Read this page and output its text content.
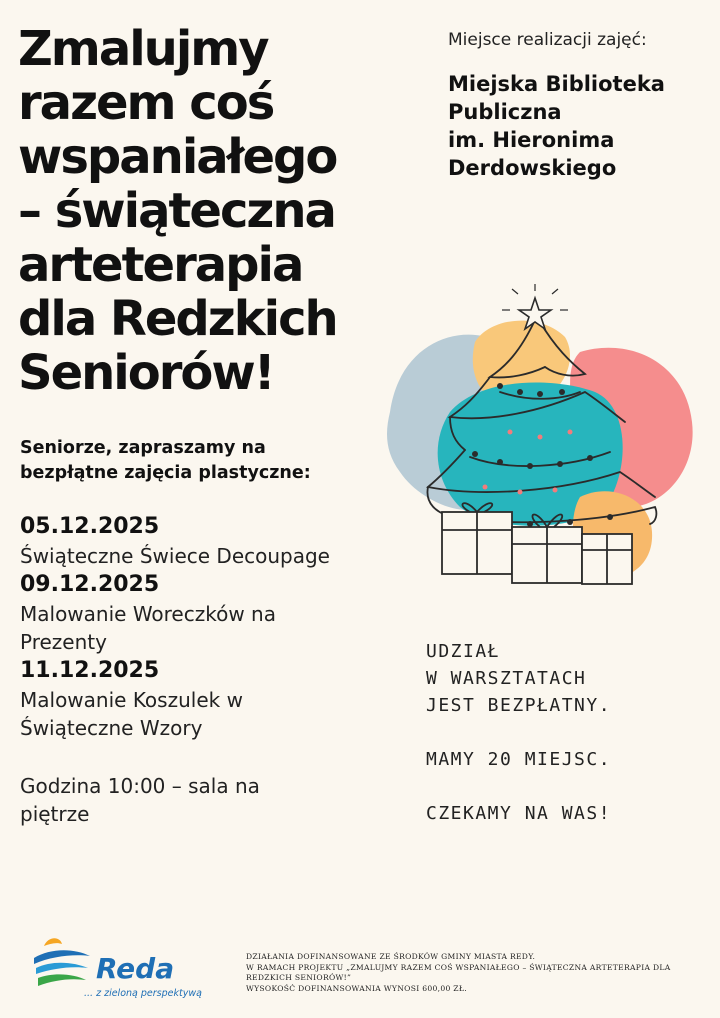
Zmalujmy
razem coś
wspaniałego
– świąteczna
arteterapia
dla Redzkich
Seniorów!
Miejsce realizacji zajęć:
Miejska Biblioteka
Publiczna
im. Hieronima
Derdowskiego
Seniorze, zapraszamy na
bezpłątne zajęcia plastyczne:
05.12.2025
Świąteczne Świece Decoupage
09.12.2025
Malowanie Woreczków na
Prezenty
11.12.2025
Malowanie Koszulek w
Świąteczne Wzory
Godzina 10:00 – sala na
piętrze
UDZIAŁ
W WARSZTATACH
JEST BEZPŁATNY.
MAMY 20 MIEJSC.
CZEKAMY NA WAS!
Reda
... z zieloną perspektywą
DZIAŁANIA DOFINANSOWANE ZE ŚRODKÓW GMINY MIASTA REDY.
W RAMACH PROJEKTU „ZMALUJMY RAZEM COŚ WSPANIAŁEGO – ŚWIĄTECZNA ARTETERAPIA DLA
REDZKICH SENIORÓW!”
WYSOKOŚĆ DOFINANSOWANIA WYNOSI 600,00 ZŁ.
